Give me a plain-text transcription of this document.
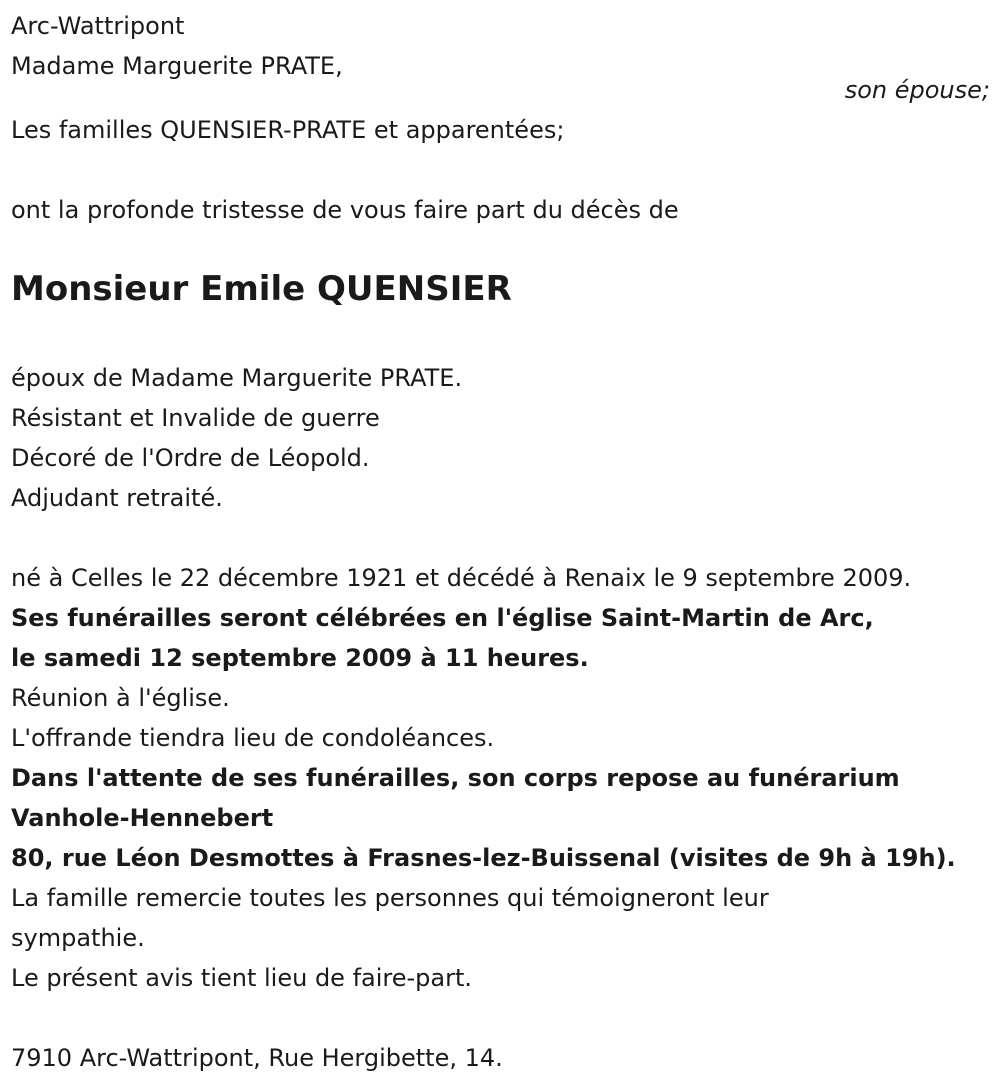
Arc-Wattripont
Madame Marguerite PRATE,
son épouse;
Les familles QUENSIER-PRATE et apparentées;
ont la profonde tristesse de vous faire part du décès de
Monsieur Emile QUENSIER
époux de Madame Marguerite PRATE.
Résistant et Invalide de guerre
Décoré de l'Ordre de Léopold.
Adjudant retraité.
né à Celles le 22 décembre 1921 et décédé à Renaix le 9 septembre 2009.
Ses funérailles seront célébrées en l'église Saint-Martin de Arc,
le samedi 12 septembre 2009 à 11 heures.
Réunion à l'église.
L'offrande tiendra lieu de condoléances.
Dans l'attente de ses funérailles, son corps repose au funérarium
Vanhole-Hennebert
80, rue Léon Desmottes à Frasnes-lez-Buissenal (visites de 9h à 19h).
La famille remercie toutes les personnes qui témoigneront leur
sympathie.
Le présent avis tient lieu de faire-part.
7910 Arc-Wattripont, Rue Hergibette, 14.
